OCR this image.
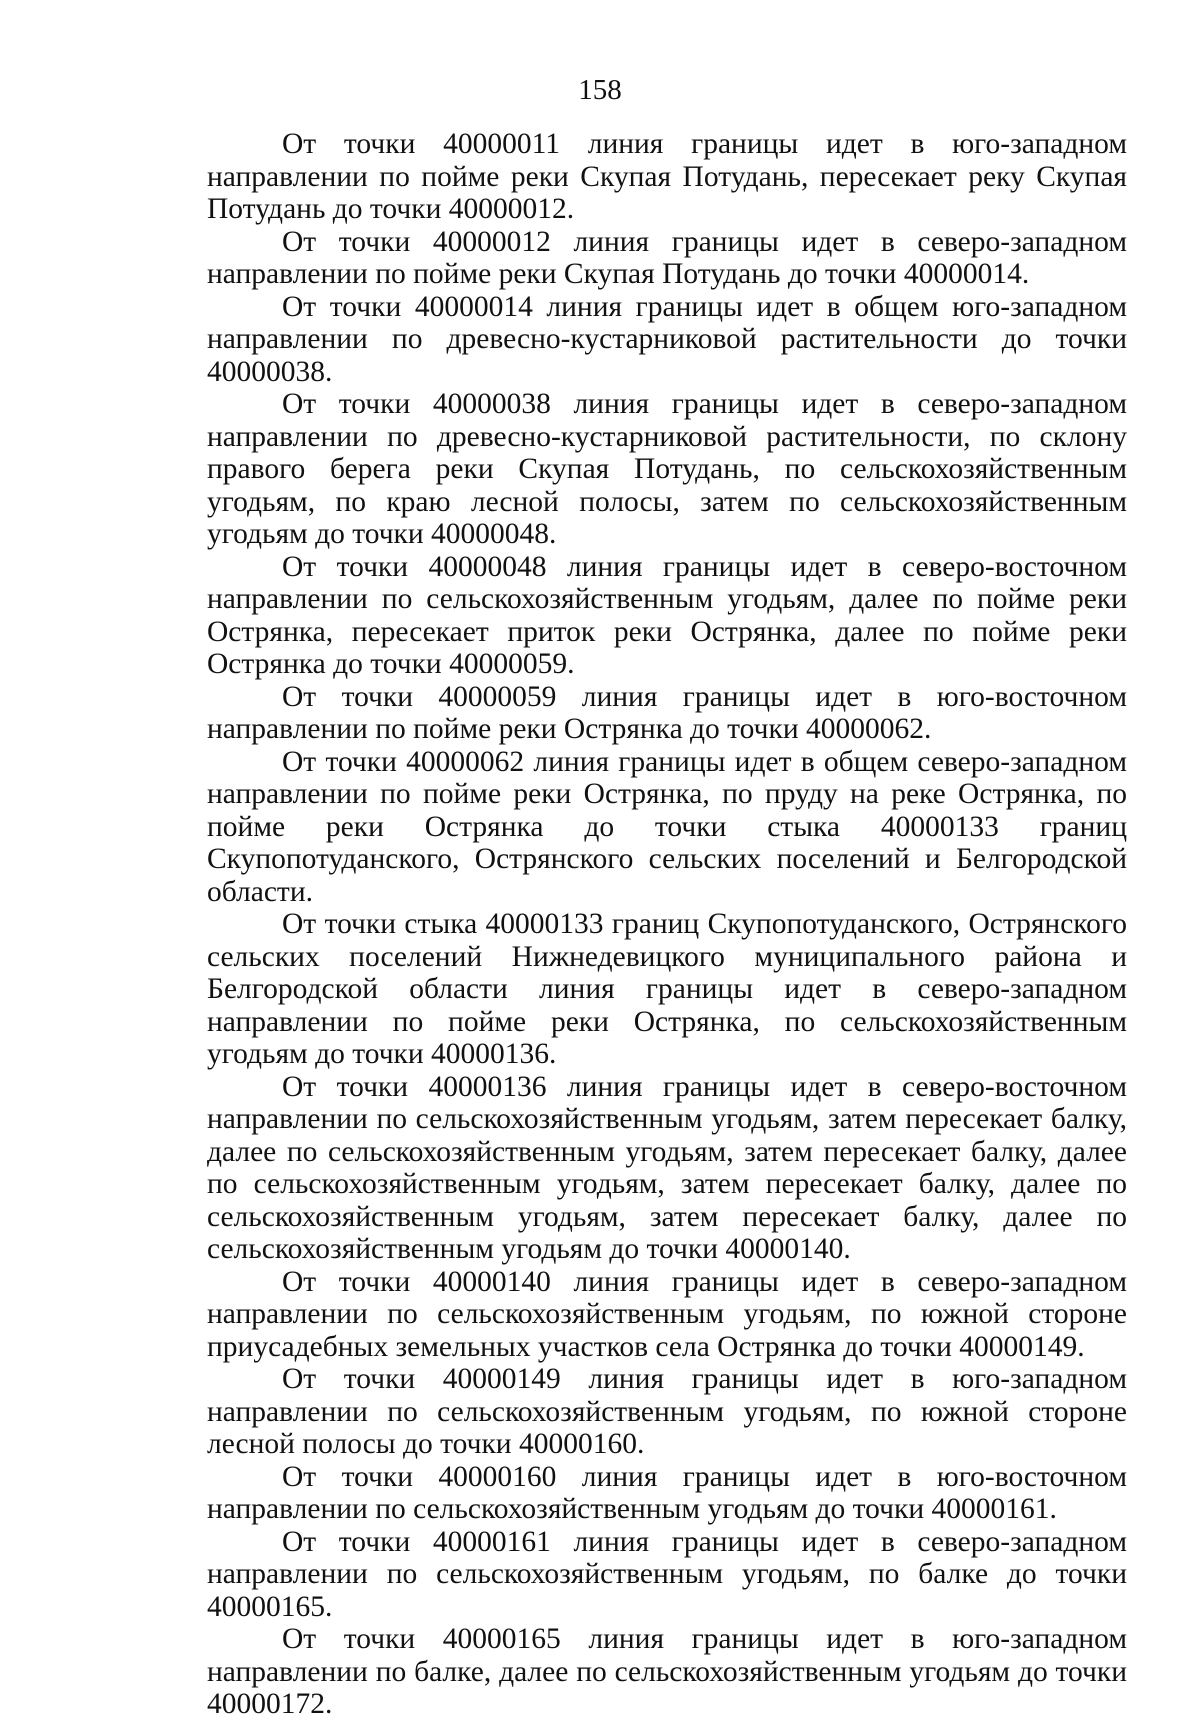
158

От точки 40000011 линия границы идет в юго-западном направлении по пойме реки Скупая Потудань, пересекает реку Скупая Потудань до точки 40000012.

От точки 40000012 линия границы идет в северо-западном направлении по пойме реки Скупая Потудань до точки 40000014.

От точки 40000014 линия границы идет в общем юго-западном направлении по древесно-кустарниковой растительности до точки 40000038.

От точки 40000038 линия границы идет в северо-западном направлении по древесно-кустарниковой растительности, по склону правого берега реки Скупая Потудань, по сельскохозяйственным угодьям, по краю лесной полосы, затем по сельскохозяйственным угодьям до точки 40000048.

От точки 40000048 линия границы идет в северо-восточном направлении по сельскохозяйственным угодьям, далее по пойме реки Острянка, пересекает приток реки Острянка, далее по пойме реки Острянка до точки 40000059.

От точки 40000059 линия границы идет в юго-восточном направлении по пойме реки Острянка до точки 40000062.

От точки 40000062 линия границы идет в общем северо-западном направлении по пойме реки Острянка, по пруду на реке Острянка, по пойме реки Острянка до точки стыка 40000133 границ Скупопотуданского, Острянского сельских поселений и Белгородской области.

От точки стыка 40000133 границ Скупопотуданского, Острянского сельских поселений Нижнедевицкого муниципального района и Белгородской области линия границы идет в северо-западном направлении по пойме реки Острянка, по сельскохозяйственным угодьям до точки 40000136.

От точки 40000136 линия границы идет в северо-восточном направлении по сельскохозяйственным угодьям, затем пересекает балку, далее по сельскохозяйственным угодьям, затем пересекает балку, далее по сельскохозяйственным угодьям, затем пересекает балку, далее по сельскохозяйственным угодьям, затем пересекает балку, далее по сельскохозяйственным угодьям до точки 40000140.

От точки 40000140 линия границы идет в северо-западном направлении по сельскохозяйственным угодьям, по южной стороне приусадебных земельных участков села Острянка до точки 40000149.

От точки 40000149 линия границы идет в юго-западном направлении по сельскохозяйственным угодьям, по южной стороне лесной полосы до точки 40000160.

От точки 40000160 линия границы идет в юго-восточном направлении по сельскохозяйственным угодьям до точки 40000161.

От точки 40000161 линия границы идет в северо-западном направлении по сельскохозяйственным угодьям, по балке до точки 40000165.

От точки 40000165 линия границы идет в юго-западном направлении по балке, далее по сельскохозяйственным угодьям до точки 40000172.
